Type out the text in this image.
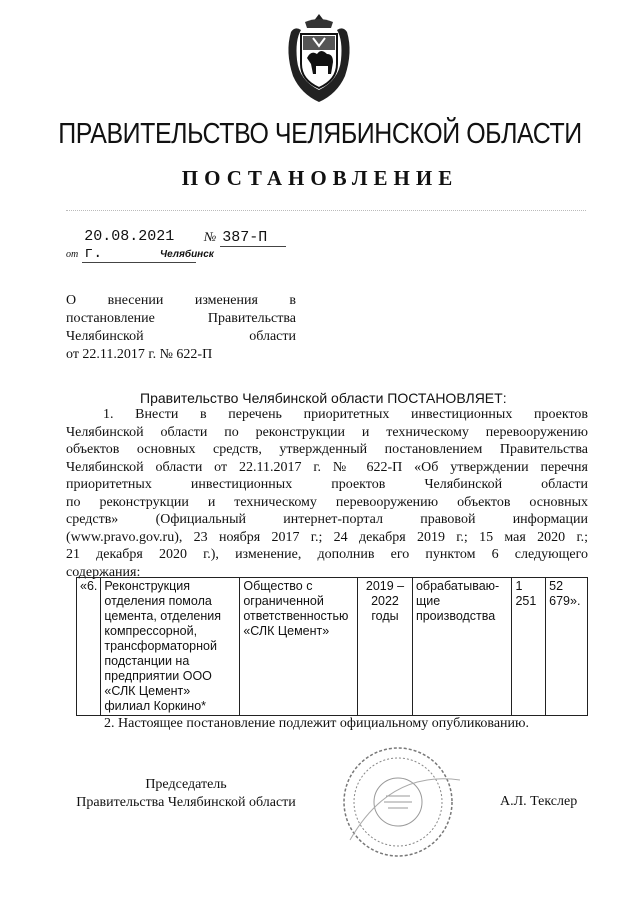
ПРАВИТЕЛЬСТВО ЧЕЛЯБИНСКОЙ ОБЛАСТИ
ПОСТАНОВЛЕНИЕ
от 20.08.2021 г.
№ 387-П
Челябинск
О внесении изменения в
постановление Правительства
Челябинской области
от 22.11.2017 г. № 622-П
Правительство Челябинской области ПОСТАНОВЛЯЕТ:
1. Внести в перечень приоритетных инвестиционных проектов
Челябинской области по реконструкции и техническому перевооружению
объектов основных средств, утвержденный постановлением Правительства
Челябинской области от 22.11.2017 г. № 622-П «Об утверждении перечня
приоритетных инвестиционных проектов Челябинской области
по реконструкции и техническому перевооружению объектов основных
средств» (Официальный интернет-портал правовой информации
(www.pravo.gov.ru), 23 ноября 2017 г.; 24 декабря 2019 г.; 15 мая 2020 г.;
21 декабря 2020 г.), изменение, дополнив его пунктом 6 следующего
содержания:
«6.	Реконструкция отделения помола цемента, отделения компрессорной, трансформаторной подстанции на предприятии ООО «СЛК Цемент» филиал Коркино*	Общество с ограниченной ответственностью «СЛК Цемент»	2019 – 2022 годы	обрабатываю-щие производства	1 251	52 679».
2. Настоящее постановление подлежит официальному опубликованию.
Председатель
Правительства Челябинской области	А.Л. Текслер
